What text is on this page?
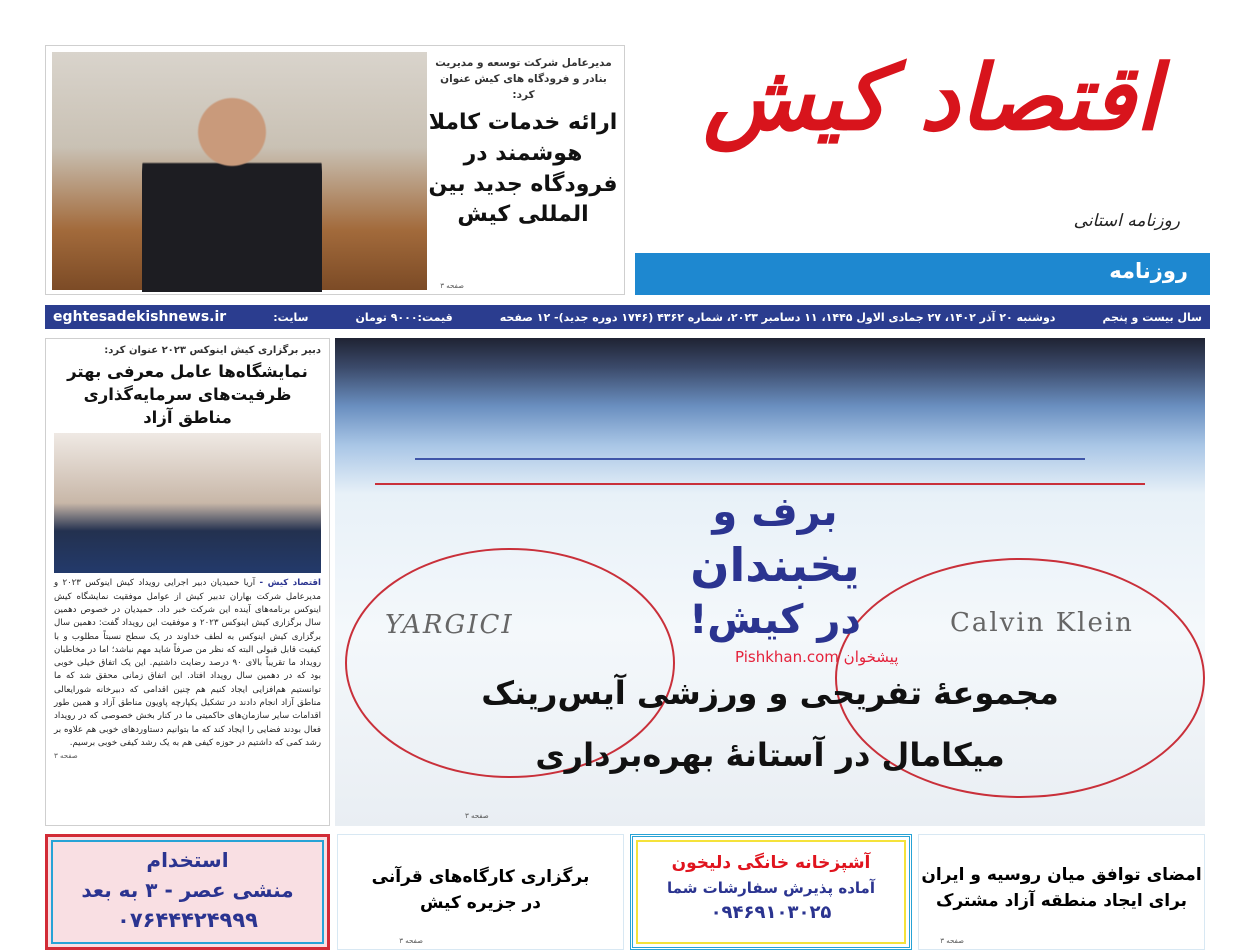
اقتصاد کیش
روزنامه استانی
روزنامه
مدیرعامل شرکت توسعه و مدیریت بنادر و فرودگاه های کیش عنوان کرد:
ارائه خدمات کاملا هوشمند در فرودگاه جدید بین المللی کیش
صفحه ۳
سال بیست و پنجم
دوشنبه ۲۰ آذر ۱۴۰۲، ۲۷ جمادی الاول ۱۴۴۵، ۱۱ دسامبر ۲۰۲۳، شماره ۴۳۶۲ (۱۷۴۶ دوره جدید)- ۱۲ صفحه
قیمت:۹۰۰۰ تومان
سایت:
eghtesadekishnews.ir
دبیر برگزاری کیش اینوکس ۲۰۲۳ عنوان کرد:
نمایشگاه‌ها عامل معرفی بهتر ظرفیت‌های سرمایه‌گذاری مناطق آزاد
اقتصاد کیش - آریا حمیدیان دبیر اجرایی رویداد کیش اینوکس ۲۰۲۳ و مدیرعامل شرکت بهاران تدبیر کیش از عوامل موفقیت نمایشگاه کیش اینوکس برنامه‌های آینده این شرکت خبر داد. حمیدیان در خصوص دهمین سال برگزاری کیش اینوکس ۲۰۲۳ و موفقیت این رویداد گفت: دهمین سال برگزاری کیش اینوکس به لطف خداوند در یک سطح نسبتاً مطلوب و با کیفیت قابل قبولی البته که نظر من صرفاً شاید مهم نباشد؛ اما در مخاطبان رویداد ما تقریباً بالای ۹۰ درصد رضایت داشتیم. این یک اتفاق خیلی خوبی بود که در دهمین سال رویداد افتاد. این اتفاق زمانی محقق شد که ما توانستیم هم‌افزایی ایجاد کنیم هم چنین اقدامی که دبیرخانه شورایعالی مناطق آزاد انجام دادند در تشکیل یکپارچه پاویون مناطق آزاد و همین طور اقدامات سایر سازمان‌های حاکمیتی ما در کنار بخش خصوصی که در رویداد فعال بودند فضایی را ایجاد کند که ما بتوانیم دستاوردهای خوبی هم علاوه بر رشد کمی که داشتیم در حوزه کیفی هم به یک رشد کیفی خوبی برسیم.
صفحه ۳
YARGICI	Calvin Klein
برف و
یخبندان
در کیش!
پیشخوان Pishkhan.com
مجموعۀ تفریحی و ورزشی آیس‌رینک
میکامال در آستانۀ بهره‌برداری
صفحه ۳
امضای توافق میان روسیه و ایران
برای ایجاد منطقه آزاد مشترک
صفحه ۳
آشپزخانه خانگی دلیخون
آماده پذیرش سفارشات شما
۰۹۴۶۹۱۰۳۰۲۵
برگزاری کارگاه‌های قرآنی
در جزیره کیش
صفحه ۳
استخدام
منشی عصر - ۳ به بعد
۰۷۶۴۴۴۲۴۹۹۹
